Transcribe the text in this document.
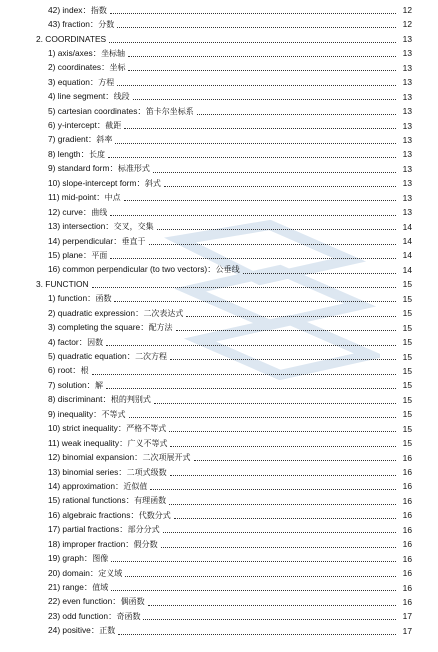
42) index：指数	12
43) fraction：分数	12
2. COORDINATES	13
1) axis/axes：坐标轴	13
2) coordinates：坐标	13
3) equation：方程	13
4) line segment：线段	13
5) cartesian coordinates：笛卡尔坐标系	13
6) y-intercept：截距	13
7) gradient：斜率	13
8) length：长度	13
9) standard form：标准形式	13
10) slope-intercept form：斜式	13
11) mid-point：中点	13
12) curve：曲线	13
13) intersection：交叉，交集	14
14) perpendicular：垂直于	14
15) plane：平面	14
16) common perpendicular (to two vectors)：公垂线	14
3. FUNCTION	15
1) function：函数	15
2) quadratic expression：二次表达式	15
3) completing the square：配方法	15
4) factor：因数	15
5) quadratic equation：二次方程	15
6) root：根	15
7) solution：解	15
8) discriminant：根的判别式	15
9) inequality：不等式	15
10) strict inequality：严格不等式	15
11) weak inequality：广义不等式	15
12) binomial expansion：二次项展开式	16
13) binomial series：二项式级数	16
14) approximation：近似值	16
15) rational functions：有理函数	16
16) algebraic fractions：代数分式	16
17) partial fractions：部分分式	16
18) improper fraction：假分数	16
19) graph：图像	16
20) domain：定义域	16
21) range：值域	16
22) even function：偶函数	16
23) odd function：奇函数	17
24) positive：正数	17
